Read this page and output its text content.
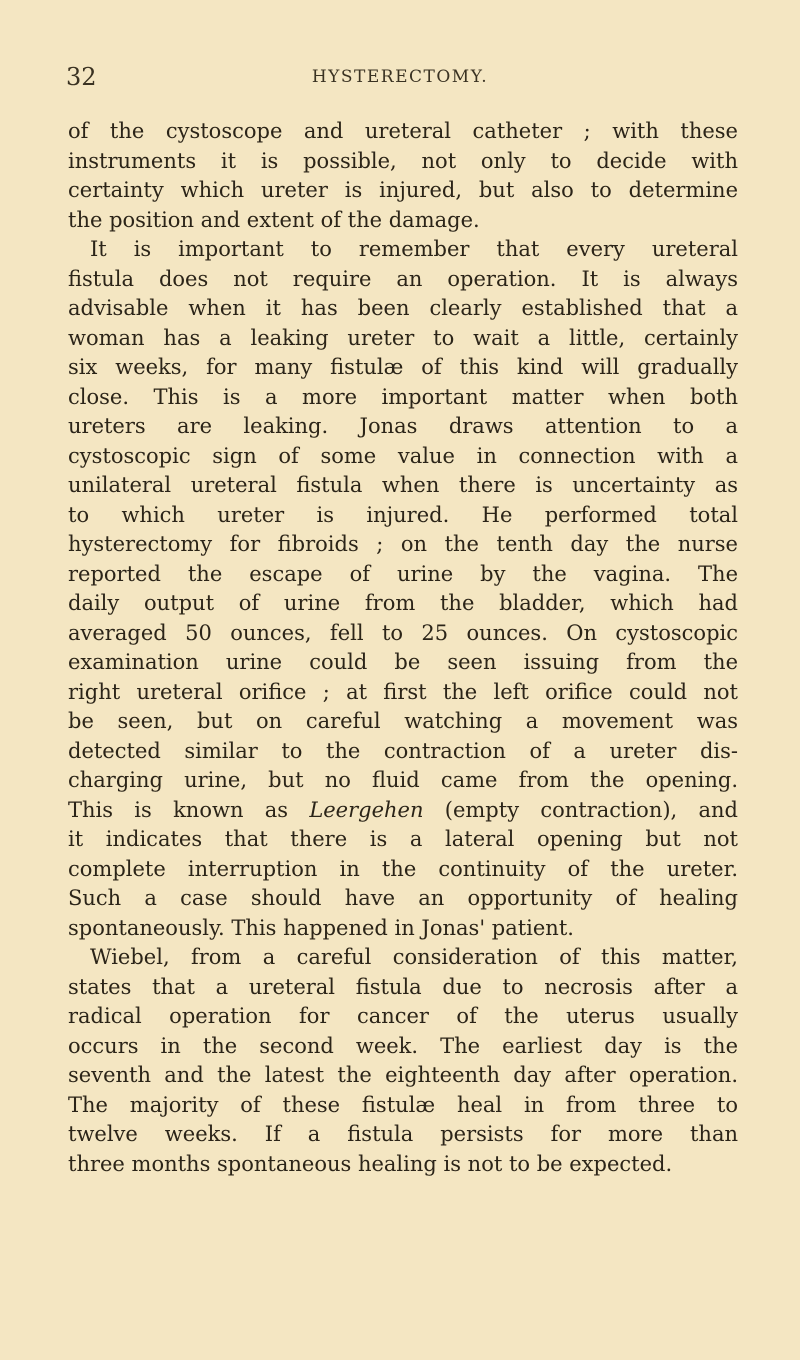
32	HYSTERECTOMY.
of the cystoscope and ureteral catheter ; with these
instruments it is possible, not only to decide with
certainty which ureter is injured, but also to determine
the position and extent of the damage.
It is important to remember that every ureteral
fistula does not require an operation. It is always
advisable when it has been clearly established that a
woman has a leaking ureter to wait a little, certainly
six weeks, for many fistulæ of this kind will gradually
close. This is a more important matter when both
ureters are leaking. Jonas draws attention to a
cystoscopic sign of some value in connection with a
unilateral ureteral fistula when there is uncertainty as
to which ureter is injured. He performed total
hysterectomy for fibroids ; on the tenth day the nurse
reported the escape of urine by the vagina. The
daily output of urine from the bladder, which had
averaged 50 ounces, fell to 25 ounces. On cystoscopic
examination urine could be seen issuing from the
right ureteral orifice ; at first the left orifice could not
be seen, but on careful watching a movement was
detected similar to the contraction of a ureter dis-
charging urine, but no fluid came from the opening.
This is known as Leergehen (empty contraction), and
it indicates that there is a lateral opening but not
complete interruption in the continuity of the ureter.
Such a case should have an opportunity of healing
spontaneously. This happened in Jonas' patient.
Wiebel, from a careful consideration of this matter,
states that a ureteral fistula due to necrosis after a
radical operation for cancer of the uterus usually
occurs in the second week. The earliest day is the
seventh and the latest the eighteenth day after operation.
The majority of these fistulæ heal in from three to
twelve weeks. If a fistula persists for more than
three months spontaneous healing is not to be expected.
